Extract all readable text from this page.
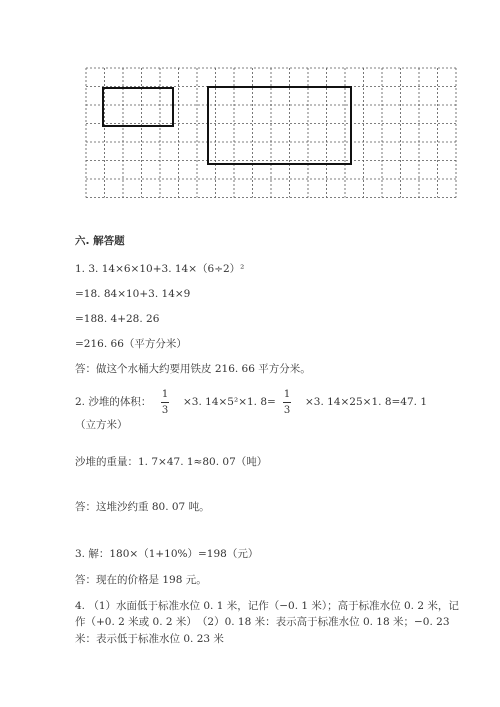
六. 解答题
1. 3. 14×6×10+3. 14×（6÷2）²
=18. 84×10+3. 14×9
=188. 4+28. 26
=216. 66（平方分米）
答：做这个水桶大约要用铁皮 216. 66 平方分米。
2. 沙堆的体积：
1
3
×3. 14×5²×1. 8=
1
3
×3. 14×25×1. 8=47. 1
（立方米）
沙堆的重量：1. 7×47. 1≈80. 07（吨）
答：这堆沙约重 80. 07 吨。
3. 解：180×（1+10%）=198（元）
答：现在的价格是 198 元。
4. （1）水面低于标准水位 0. 1 米，记作（−0. 1 米）；高于标准水位 0. 2 米，记
作（+0. 2 米或 0. 2 米）　（2）0. 18 米：表示高于标准水位 0. 18 米；−0. 23
米：表示低于标准水位 0. 23 米
